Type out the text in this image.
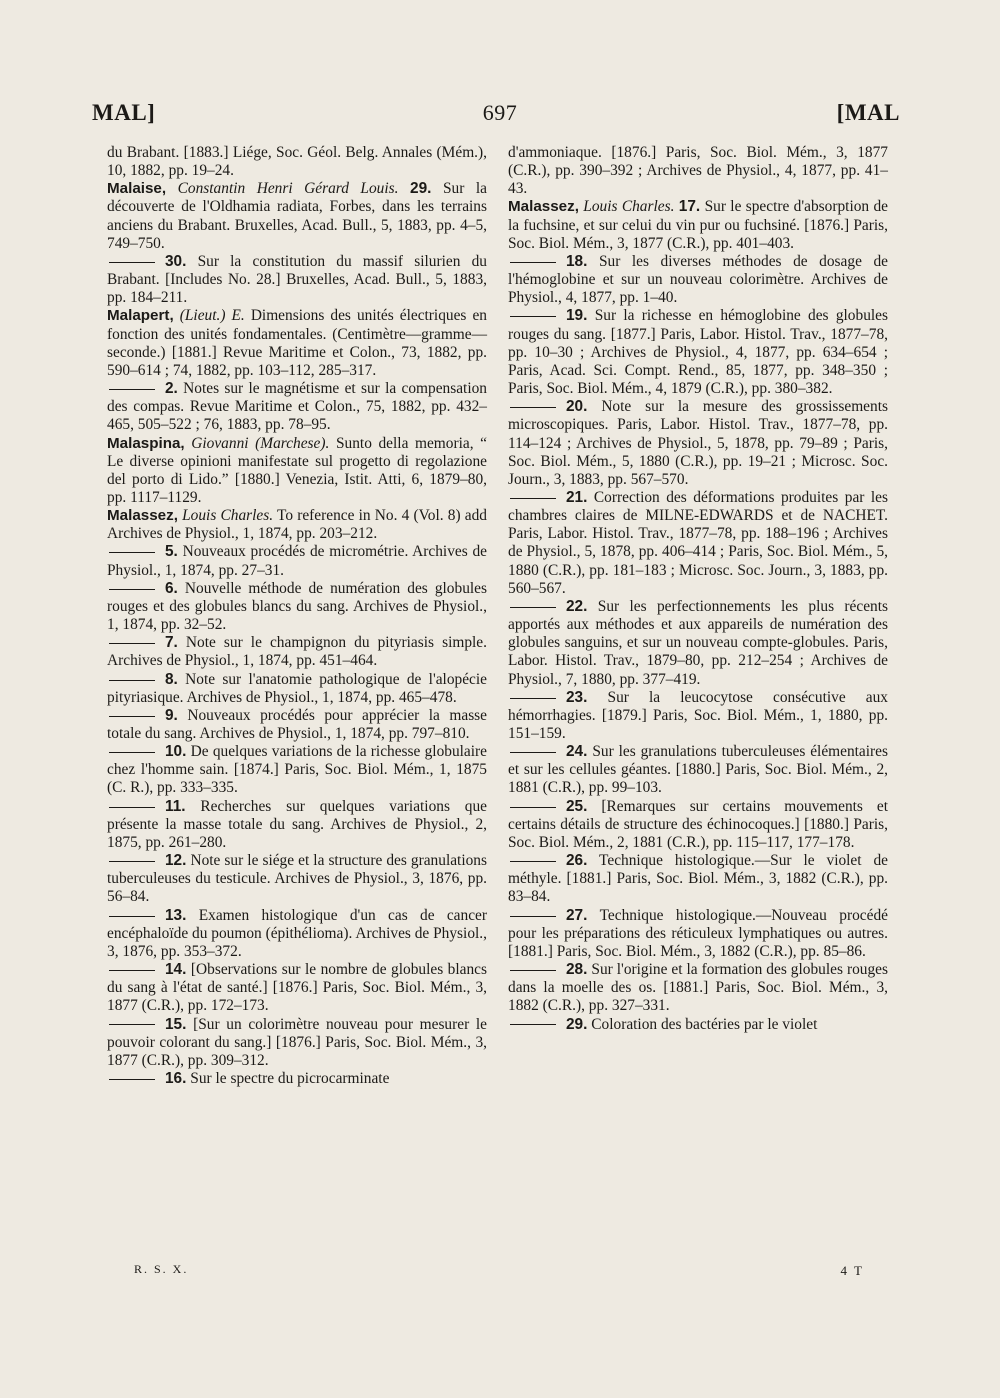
MAL]	697	[MAL

du Brabant. [1883.] Liége, Soc. Géol. Belg. Annales (Mém.), 10, 1882, pp. 19–24.

Malaise, Constantin Henri Gérard Louis. 29. Sur la découverte de l'Oldhamia radiata, Forbes, dans les terrains anciens du Brabant. Bruxelles, Acad. Bull., 5, 1883, pp. 4–5, 749–750.

30. Sur la constitution du massif silurien du Brabant. [Includes No. 28.] Bruxelles, Acad. Bull., 5, 1883, pp. 184–211.

Malapert, (Lieut.) E. Dimensions des unités électriques en fonction des unités fondamentales. (Centimètre—gramme—seconde.) [1881.] Revue Maritime et Colon., 73, 1882, pp. 590–614 ; 74, 1882, pp. 103–112, 285–317.

2. Notes sur le magnétisme et sur la compensation des compas. Revue Maritime et Colon., 75, 1882, pp. 432–465, 505–522 ; 76, 1883, pp. 78–95.

Malaspina, Giovanni (Marchese). Sunto della memoria, “ Le diverse opinioni manifestate sul progetto di regolazione del porto di Lido.” [1880.] Venezia, Istit. Atti, 6, 1879–80, pp. 1117–1129.

Malassez, Louis Charles. To reference in No. 4 (Vol. 8) add Archives de Physiol., 1, 1874, pp. 203–212.

5. Nouveaux procédés de micrométrie. Archives de Physiol., 1, 1874, pp. 27–31.

6. Nouvelle méthode de numération des globules rouges et des globules blancs du sang. Archives de Physiol., 1, 1874, pp. 32–52.

7. Note sur le champignon du pityriasis simple. Archives de Physiol., 1, 1874, pp. 451–464.

8. Note sur l'anatomie pathologique de l'alopécie pityriasique. Archives de Physiol., 1, 1874, pp. 465–478.

9. Nouveaux procédés pour apprécier la masse totale du sang. Archives de Physiol., 1, 1874, pp. 797–810.

10. De quelques variations de la richesse globulaire chez l'homme sain. [1874.] Paris, Soc. Biol. Mém., 1, 1875 (C. R.), pp. 333–335.

11. Recherches sur quelques variations que présente la masse totale du sang. Archives de Physiol., 2, 1875, pp. 261–280.

12. Note sur le siége et la structure des granulations tuberculeuses du testicule. Archives de Physiol., 3, 1876, pp. 56–84.

13. Examen histologique d'un cas de cancer encéphaloïde du poumon (épithélioma). Archives de Physiol., 3, 1876, pp. 353–372.

14. [Observations sur le nombre de globules blancs du sang à l'état de santé.] [1876.] Paris, Soc. Biol. Mém., 3, 1877 (C.R.), pp. 172–173.

15. [Sur un colorimètre nouveau pour mesurer le pouvoir colorant du sang.] [1876.] Paris, Soc. Biol. Mém., 3, 1877 (C.R.), pp. 309–312.

16. Sur le spectre du picrocarminate

d'ammoniaque. [1876.] Paris, Soc. Biol. Mém., 3, 1877 (C.R.), pp. 390–392 ; Archives de Physiol., 4, 1877, pp. 41–43.

Malassez, Louis Charles. 17. Sur le spectre d'absorption de la fuchsine, et sur celui du vin pur ou fuchsiné. [1876.] Paris, Soc. Biol. Mém., 3, 1877 (C.R.), pp. 401–403.

18. Sur les diverses méthodes de dosage de l'hémoglobine et sur un nouveau colorimètre. Archives de Physiol., 4, 1877, pp. 1–40.

19. Sur la richesse en hémoglobine des globules rouges du sang. [1877.] Paris, Labor. Histol. Trav., 1877–78, pp. 10–30 ; Archives de Physiol., 4, 1877, pp. 634–654 ; Paris, Acad. Sci. Compt. Rend., 85, 1877, pp. 348–350 ; Paris, Soc. Biol. Mém., 4, 1879 (C.R.), pp. 380–382.

20. Note sur la mesure des grossissements microscopiques. Paris, Labor. Histol. Trav., 1877–78, pp. 114–124 ; Archives de Physiol., 5, 1878, pp. 79–89 ; Paris, Soc. Biol. Mém., 5, 1880 (C.R.), pp. 19–21 ; Microsc. Soc. Journ., 3, 1883, pp. 567–570.

21. Correction des déformations produites par les chambres claires de MILNE-EDWARDS et de NACHET. Paris, Labor. Histol. Trav., 1877–78, pp. 188–196 ; Archives de Physiol., 5, 1878, pp. 406–414 ; Paris, Soc. Biol. Mém., 5, 1880 (C.R.), pp. 181–183 ; Microsc. Soc. Journ., 3, 1883, pp. 560–567.

22. Sur les perfectionnements les plus récents apportés aux méthodes et aux appareils de numération des globules sanguins, et sur un nouveau compte-globules. Paris, Labor. Histol. Trav., 1879–80, pp. 212–254 ; Archives de Physiol., 7, 1880, pp. 377–419.

23. Sur la leucocytose consécutive aux hémorrhagies. [1879.] Paris, Soc. Biol. Mém., 1, 1880, pp. 151–159.

24. Sur les granulations tuberculeuses élémentaires et sur les cellules géantes. [1880.] Paris, Soc. Biol. Mém., 2, 1881 (C.R.), pp. 99–103.

25. [Remarques sur certains mouvements et certains détails de structure des échinocoques.] [1880.] Paris, Soc. Biol. Mém., 2, 1881 (C.R.), pp. 115–117, 177–178.

26. Technique histologique.—Sur le violet de méthyle. [1881.] Paris, Soc. Biol. Mém., 3, 1882 (C.R.), pp. 83–84.

27. Technique histologique.—Nouveau procédé pour les préparations des réticuleux lymphatiques ou autres. [1881.] Paris, Soc. Biol. Mém., 3, 1882 (C.R.), pp. 85–86.

28. Sur l'origine et la formation des globules rouges dans la moelle des os. [1881.] Paris, Soc. Biol. Mém., 3, 1882 (C.R.), pp. 327–331.

29. Coloration des bactéries par le violet

R. S. X.	4 T
